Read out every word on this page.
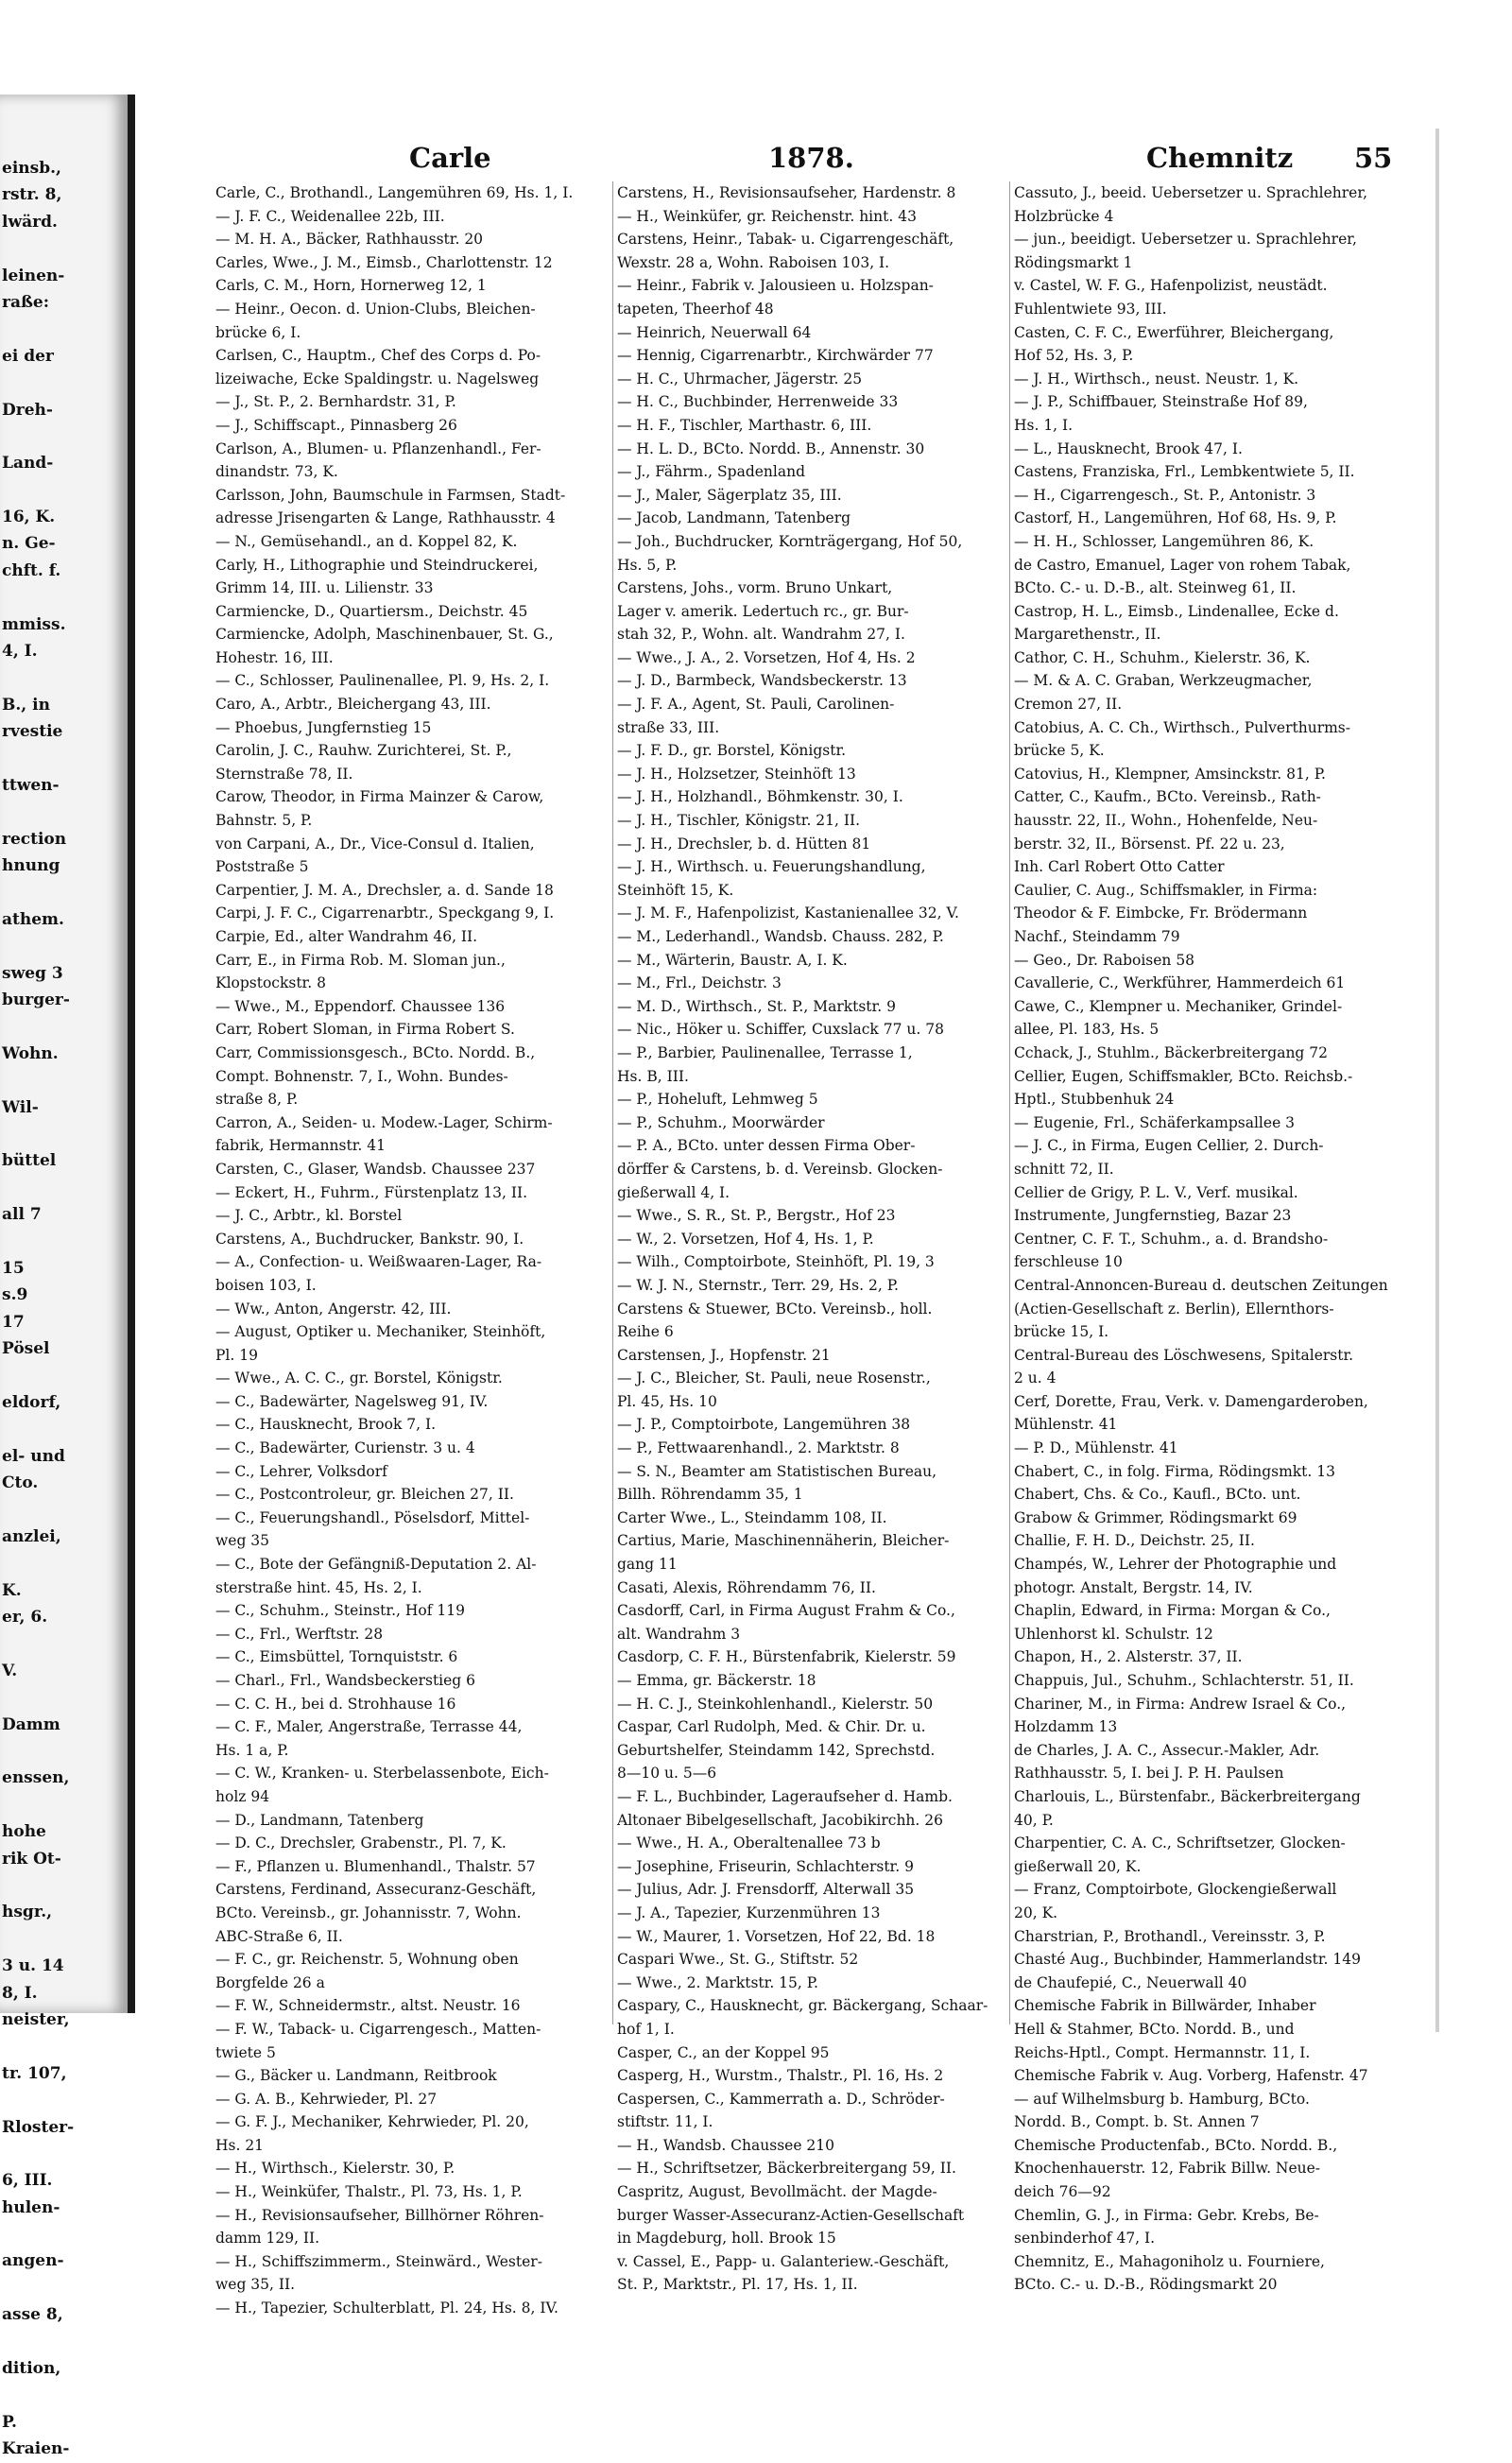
einsb.,
rstr. 8,
lwärd.
leinen-
raße:
ei der
Dreh-
Land-
16, K.
n. Ge-
chft. f.
mmiss.
4, I.
B., in
rvestie
ttwen-
rection
hnung
athem.
sweg 3
burger-
Wohn.
Wil-
büttel
all 7
15
s.9
17
Pösel
eldorf,
el- und
Cto.
anzlei,
K.
er, 6.
V.
Damm
enssen,
hohe
rik Ot-
hsgr.,
3 u. 14
8, I.
neister,
tr. 107,
Rloster-
6, III.
hulen-
angen-
asse 8,
dition,
P.
Kraien-
Carle	1878.	Chemnitz 55
Carle, C., Brothandl., Langemühren 69, Hs. 1, I.
— J. F. C., Weidenallee 22b, III.
— M. H. A., Bäcker, Rathhausstr. 20
Carles, Wwe., J. M., Eimsb., Charlottenstr. 12
Carls, C. M., Horn, Hornerweg 12, 1
— Heinr., Oecon. d. Union-Clubs, Bleichen-
brücke 6, I.
Carlsen, C., Hauptm., Chef des Corps d. Po-
lizeiwache, Ecke Spaldingstr. u. Nagelsweg
— J., St. P., 2. Bernhardstr. 31, P.
— J., Schiffscapt., Pinnasberg 26
Carlson, A., Blumen- u. Pflanzenhandl., Fer-
dinandstr. 73, K.
Carlsson, John, Baumschule in Farmsen, Stadt-
adresse Jrisengarten & Lange, Rathhausstr. 4
— N., Gemüsehandl., an d. Koppel 82, K.
Carly, H., Lithographie und Steindruckerei,
Grimm 14, III. u. Lilienstr. 33
Carmiencke, D., Quartiersm., Deichstr. 45
Carmiencke, Adolph, Maschinenbauer, St. G.,
Hohestr. 16, III.
— C., Schlosser, Paulinenallee, Pl. 9, Hs. 2, I.
Caro, A., Arbtr., Bleichergang 43, III.
— Phoebus, Jungfernstieg 15
Carolin, J. C., Rauhw. Zurichterei, St. P.,
Sternstraße 78, II.
Carow, Theodor, in Firma Mainzer & Carow,
Bahnstr. 5, P.
von Carpani, A., Dr., Vice-Consul d. Italien,
Poststraße 5
Carpentier, J. M. A., Drechsler, a. d. Sande 18
Carpi, J. F. C., Cigarrenarbtr., Speckgang 9, I.
Carpie, Ed., alter Wandrahm 46, II.
Carr, E., in Firma Rob. M. Sloman jun.,
Klopstockstr. 8
— Wwe., M., Eppendorf. Chaussee 136
Carr, Robert Sloman, in Firma Robert S.
Carr, Commissionsgesch., BCto. Nordd. B.,
Compt. Bohnenstr. 7, I., Wohn. Bundes-
straße 8, P.
Carron, A., Seiden- u. Modew.-Lager, Schirm-
fabrik, Hermannstr. 41
Carsten, C., Glaser, Wandsb. Chaussee 237
— Eckert, H., Fuhrm., Fürstenplatz 13, II.
— J. C., Arbtr., kl. Borstel
Carstens, A., Buchdrucker, Bankstr. 90, I.
— A., Confection- u. Weißwaaren-Lager, Ra-
boisen 103, I.
— Ww., Anton, Angerstr. 42, III.
— August, Optiker u. Mechaniker, Steinhöft,
Pl. 19
— Wwe., A. C. C., gr. Borstel, Königstr.
— C., Badewärter, Nagelsweg 91, IV.
— C., Hausknecht, Brook 7, I.
— C., Badewärter, Curienstr. 3 u. 4
— C., Lehrer, Volksdorf
— C., Postcontroleur, gr. Bleichen 27, II.
— C., Feuerungshandl., Pöselsdorf, Mittel-
weg 35
— C., Bote der Gefängniß-Deputation 2. Al-
sterstraße hint. 45, Hs. 2, I.
— C., Schuhm., Steinstr., Hof 119
— C., Frl., Werftstr. 28
— C., Eimsbüttel, Tornquiststr. 6
— Charl., Frl., Wandsbeckerstieg 6
— C. C. H., bei d. Strohhause 16
— C. F., Maler, Angerstraße, Terrasse 44,
Hs. 1 a, P.
— C. W., Kranken- u. Sterbelassenbote, Eich-
holz 94
— D., Landmann, Tatenberg
— D. C., Drechsler, Grabenstr., Pl. 7, K.
— F., Pflanzen u. Blumenhandl., Thalstr. 57
Carstens, Ferdinand, Assecuranz-Geschäft,
BCto. Vereinsb., gr. Johannisstr. 7, Wohn.
ABC-Straße 6, II.
— F. C., gr. Reichenstr. 5, Wohnung oben
Borgfelde 26 a
— F. W., Schneidermstr., altst. Neustr. 16
— F. W., Taback- u. Cigarrengesch., Matten-
twiete 5
— G., Bäcker u. Landmann, Reitbrook
— G. A. B., Kehrwieder, Pl. 27
— G. F. J., Mechaniker, Kehrwieder, Pl. 20,
Hs. 21
— H., Wirthsch., Kielerstr. 30, P.
— H., Weinküfer, Thalstr., Pl. 73, Hs. 1, P.
— H., Revisionsaufseher, Billhörner Röhren-
damm 129, II.
— H., Schiffszimmerm., Steinwärd., Wester-
weg 35, II.
— H., Tapezier, Schulterblatt, Pl. 24, Hs. 8, IV.
Carstens, H., Revisionsaufseher, Hardenstr. 8
— H., Weinküfer, gr. Reichenstr. hint. 43
Carstens, Heinr., Tabak- u. Cigarrengeschäft,
Wexstr. 28 a, Wohn. Raboisen 103, I.
— Heinr., Fabrik v. Jalousieen u. Holzspan-
tapeten, Theerhof 48
— Heinrich, Neuerwall 64
— Hennig, Cigarrenarbtr., Kirchwärder 77
— H. C., Uhrmacher, Jägerstr. 25
— H. C., Buchbinder, Herrenweide 33
— H. F., Tischler, Marthastr. 6, III.
— H. L. D., BCto. Nordd. B., Annenstr. 30
— J., Fährm., Spadenland
— J., Maler, Sägerplatz 35, III.
— Jacob, Landmann, Tatenberg
— Joh., Buchdrucker, Kornträgergang, Hof 50,
Hs. 5, P.
Carstens, Johs., vorm. Bruno Unkart,
Lager v. amerik. Ledertuch rc., gr. Bur-
stah 32, P., Wohn. alt. Wandrahm 27, I.
— Wwe., J. A., 2. Vorsetzen, Hof 4, Hs. 2
— J. D., Barmbeck, Wandsbeckerstr. 13
— J. F. A., Agent, St. Pauli, Carolinen-
straße 33, III.
— J. F. D., gr. Borstel, Königstr.
— J. H., Holzsetzer, Steinhöft 13
— J. H., Holzhandl., Böhmkenstr. 30, I.
— J. H., Tischler, Königstr. 21, II.
— J. H., Drechsler, b. d. Hütten 81
— J. H., Wirthsch. u. Feuerungshandlung,
Steinhöft 15, K.
— J. M. F., Hafenpolizist, Kastanienallee 32, V.
— M., Lederhandl., Wandsb. Chauss. 282, P.
— M., Wärterin, Baustr. A, I. K.
— M., Frl., Deichstr. 3
— M. D., Wirthsch., St. P., Marktstr. 9
— Nic., Höker u. Schiffer, Cuxslack 77 u. 78
— P., Barbier, Paulinenallee, Terrasse 1,
Hs. B, III.
— P., Hoheluft, Lehmweg 5
— P., Schuhm., Moorwärder
— P. A., BCto. unter dessen Firma Ober-
dörffer & Carstens, b. d. Vereinsb. Glocken-
gießerwall 4, I.
— Wwe., S. R., St. P., Bergstr., Hof 23
— W., 2. Vorsetzen, Hof 4, Hs. 1, P.
— Wilh., Comptoirbote, Steinhöft, Pl. 19, 3
— W. J. N., Sternstr., Terr. 29, Hs. 2, P.
Carstens & Stuewer, BCto. Vereinsb., holl.
Reihe 6
Carstensen, J., Hopfenstr. 21
— J. C., Bleicher, St. Pauli, neue Rosenstr.,
Pl. 45, Hs. 10
— J. P., Comptoirbote, Langemühren 38
— P., Fettwaarenhandl., 2. Marktstr. 8
— S. N., Beamter am Statistischen Bureau,
Billh. Röhrendamm 35, 1
Carter Wwe., L., Steindamm 108, II.
Cartius, Marie, Maschinennäherin, Bleicher-
gang 11
Casati, Alexis, Röhrendamm 76, II.
Casdorff, Carl, in Firma August Frahm & Co.,
alt. Wandrahm 3
Casdorp, C. F. H., Bürstenfabrik, Kielerstr. 59
— Emma, gr. Bäckerstr. 18
— H. C. J., Steinkohlenhandl., Kielerstr. 50
Caspar, Carl Rudolph, Med. & Chir. Dr. u.
Geburtshelfer, Steindamm 142, Sprechstd.
8—10 u. 5—6
— F. L., Buchbinder, Lageraufseher d. Hamb.
Altonaer Bibelgesellschaft, Jacobikirchh. 26
— Wwe., H. A., Oberaltenallee 73 b
— Josephine, Friseurin, Schlachterstr. 9
— Julius, Adr. J. Frensdorff, Alterwall 35
— J. A., Tapezier, Kurzenmühren 13
— W., Maurer, 1. Vorsetzen, Hof 22, Bd. 18
Caspari Wwe., St. G., Stiftstr. 52
— Wwe., 2. Marktstr. 15, P.
Caspary, C., Hausknecht, gr. Bäckergang, Schaar-
hof 1, I.
Casper, C., an der Koppel 95
Casperg, H., Wurstm., Thalstr., Pl. 16, Hs. 2
Caspersen, C., Kammerrath a. D., Schröder-
stiftstr. 11, I.
— H., Wandsb. Chaussee 210
— H., Schriftsetzer, Bäckerbreitergang 59, II.
Caspritz, August, Bevollmächt. der Magde-
burger Wasser-Assecuranz-Actien-Gesellschaft
in Magdeburg, holl. Brook 15
v. Cassel, E., Papp- u. Galanteriew.-Geschäft,
St. P., Marktstr., Pl. 17, Hs. 1, II.
Cassuto, J., beeid. Uebersetzer u. Sprachlehrer,
Holzbrücke 4
— jun., beeidigt. Uebersetzer u. Sprachlehrer,
Rödingsmarkt 1
v. Castel, W. F. G., Hafenpolizist, neustädt.
Fuhlentwiete 93, III.
Casten, C. F. C., Ewerführer, Bleichergang,
Hof 52, Hs. 3, P.
— J. H., Wirthsch., neust. Neustr. 1, K.
— J. P., Schiffbauer, Steinstraße Hof 89,
Hs. 1, I.
— L., Hausknecht, Brook 47, I.
Castens, Franziska, Frl., Lembkentwiete 5, II.
— H., Cigarrengesch., St. P., Antonistr. 3
Castorf, H., Langemühren, Hof 68, Hs. 9, P.
— H. H., Schlosser, Langemühren 86, K.
de Castro, Emanuel, Lager von rohem Tabak,
BCto. C.- u. D.-B., alt. Steinweg 61, II.
Castrop, H. L., Eimsb., Lindenallee, Ecke d.
Margarethenstr., II.
Cathor, C. H., Schuhm., Kielerstr. 36, K.
— M. & A. C. Graban, Werkzeugmacher,
Cremon 27, II.
Catobius, A. C. Ch., Wirthsch., Pulverthurms-
brücke 5, K.
Catovius, H., Klempner, Amsinckstr. 81, P.
Catter, C., Kaufm., BCto. Vereinsb., Rath-
hausstr. 22, II., Wohn., Hohenfelde, Neu-
berstr. 32, II., Börsenst. Pf. 22 u. 23,
Inh. Carl Robert Otto Catter
Caulier, C. Aug., Schiffsmakler, in Firma:
Theodor & F. Eimbcke, Fr. Brödermann
Nachf., Steindamm 79
— Geo., Dr. Raboisen 58
Cavallerie, C., Werkführer, Hammerdeich 61
Cawe, C., Klempner u. Mechaniker, Grindel-
allee, Pl. 183, Hs. 5
Cchack, J., Stuhlm., Bäckerbreitergang 72
Cellier, Eugen, Schiffsmakler, BCto. Reichsb.-
Hptl., Stubbenhuk 24
— Eugenie, Frl., Schäferkampsallee 3
— J. C., in Firma, Eugen Cellier, 2. Durch-
schnitt 72, II.
Cellier de Grigy, P. L. V., Verf. musikal.
Instrumente, Jungfernstieg, Bazar 23
Centner, C. F. T., Schuhm., a. d. Brandsho-
ferschleuse 10
Central-Annoncen-Bureau d. deutschen Zeitungen
(Actien-Gesellschaft z. Berlin), Ellernthors-
brücke 15, I.
Central-Bureau des Löschwesens, Spitalerstr.
2 u. 4
Cerf, Dorette, Frau, Verk. v. Damengarderoben,
Mühlenstr. 41
— P. D., Mühlenstr. 41
Chabert, C., in folg. Firma, Rödingsmkt. 13
Chabert, Chs. & Co., Kaufl., BCto. unt.
Grabow & Grimmer, Rödingsmarkt 69
Challie, F. H. D., Deichstr. 25, II.
Champés, W., Lehrer der Photographie und
photogr. Anstalt, Bergstr. 14, IV.
Chaplin, Edward, in Firma: Morgan & Co.,
Uhlenhorst kl. Schulstr. 12
Chapon, H., 2. Alsterstr. 37, II.
Chappuis, Jul., Schuhm., Schlachterstr. 51, II.
Chariner, M., in Firma: Andrew Israel & Co.,
Holzdamm 13
de Charles, J. A. C., Assecur.-Makler, Adr.
Rathhausstr. 5, I. bei J. P. H. Paulsen
Charlouis, L., Bürstenfabr., Bäckerbreitergang
40, P.
Charpentier, C. A. C., Schriftsetzer, Glocken-
gießerwall 20, K.
— Franz, Comptoirbote, Glockengießerwall
20, K.
Charstrian, P., Brothandl., Vereinsstr. 3, P.
Chasté Aug., Buchbinder, Hammerlandstr. 149
de Chaufepié, C., Neuerwall 40
Chemische Fabrik in Billwärder, Inhaber
Hell & Stahmer, BCto. Nordd. B., und
Reichs-Hptl., Compt. Hermannstr. 11, I.
Chemische Fabrik v. Aug. Vorberg, Hafenstr. 47
— auf Wilhelmsburg b. Hamburg, BCto.
Nordd. B., Compt. b. St. Annen 7
Chemische Productenfab., BCto. Nordd. B.,
Knochenhauerstr. 12, Fabrik Billw. Neue-
deich 76—92
Chemlin, G. J., in Firma: Gebr. Krebs, Be-
senbinderhof 47, I.
Chemnitz, E., Mahagoniholz u. Fourniere,
BCto. C.- u. D.-B., Rödingsmarkt 20
